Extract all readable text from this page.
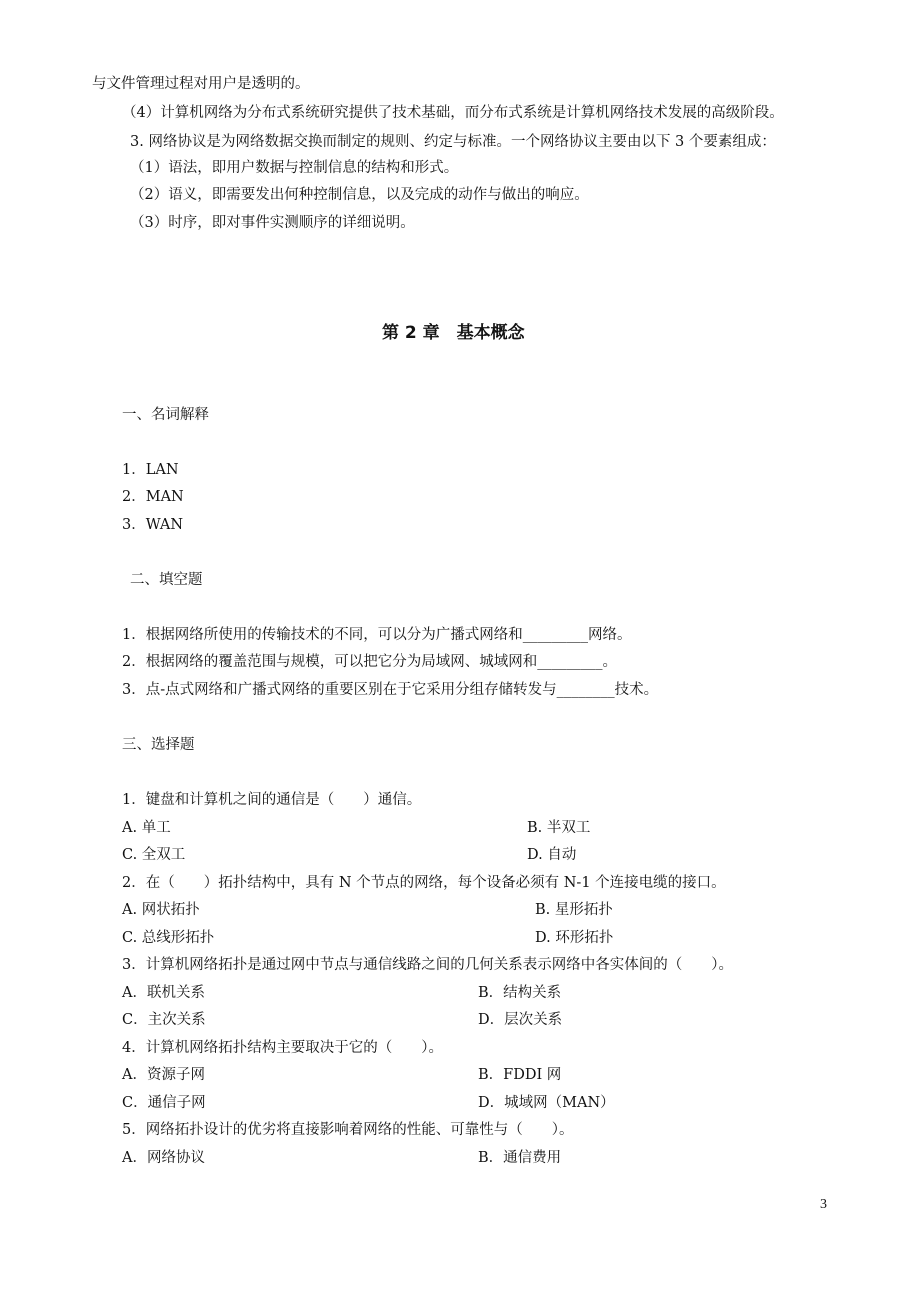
与文件管理过程对用户是透明的。
（4）计算机网络为分布式系统研究提供了技术基础，而分布式系统是计算机网络技术发展的高级阶段。
3. 网络协议是为网络数据交换而制定的规则、约定与标准。一个网络协议主要由以下 3 个要素组成：
（1）语法，即用户数据与控制信息的结构和形式。
（2）语义，即需要发出何种控制信息，以及完成的动作与做出的响应。
（3）时序，即对事件实测顺序的详细说明。
第 2 章　基本概念
一、名词解释
1．LAN
2．MAN
3．WAN
二、填空题
1．根据网络所使用的传输技术的不同，可以分为广播式网络和_________网络。
2．根据网络的覆盖范围与规模，可以把它分为局域网、城域网和_________。
3．点-点式网络和广播式网络的重要区别在于它采用分组存储转发与________技术。
三、选择题
1．键盘和计算机之间的通信是（　　）通信。
A. 单工	B. 半双工
C. 全双工	D. 自动
2．在（　　）拓扑结构中，具有 N 个节点的网络，每个设备必须有 N-1 个连接电缆的接口。
A. 网状拓扑	B. 星形拓扑
C. 总线形拓扑	D. 环形拓扑
3．计算机网络拓扑是通过网中节点与通信线路之间的几何关系表示网络中各实体间的（　　）。
A．联机关系	B．结构关系
C．主次关系	D．层次关系
4．计算机网络拓扑结构主要取决于它的（　　）。
A．资源子网	B．FDDI 网
C．通信子网	D．城域网（MAN）
5．网络拓扑设计的优劣将直接影响着网络的性能、可靠性与（　　）。
A．网络协议	B．通信费用
3
